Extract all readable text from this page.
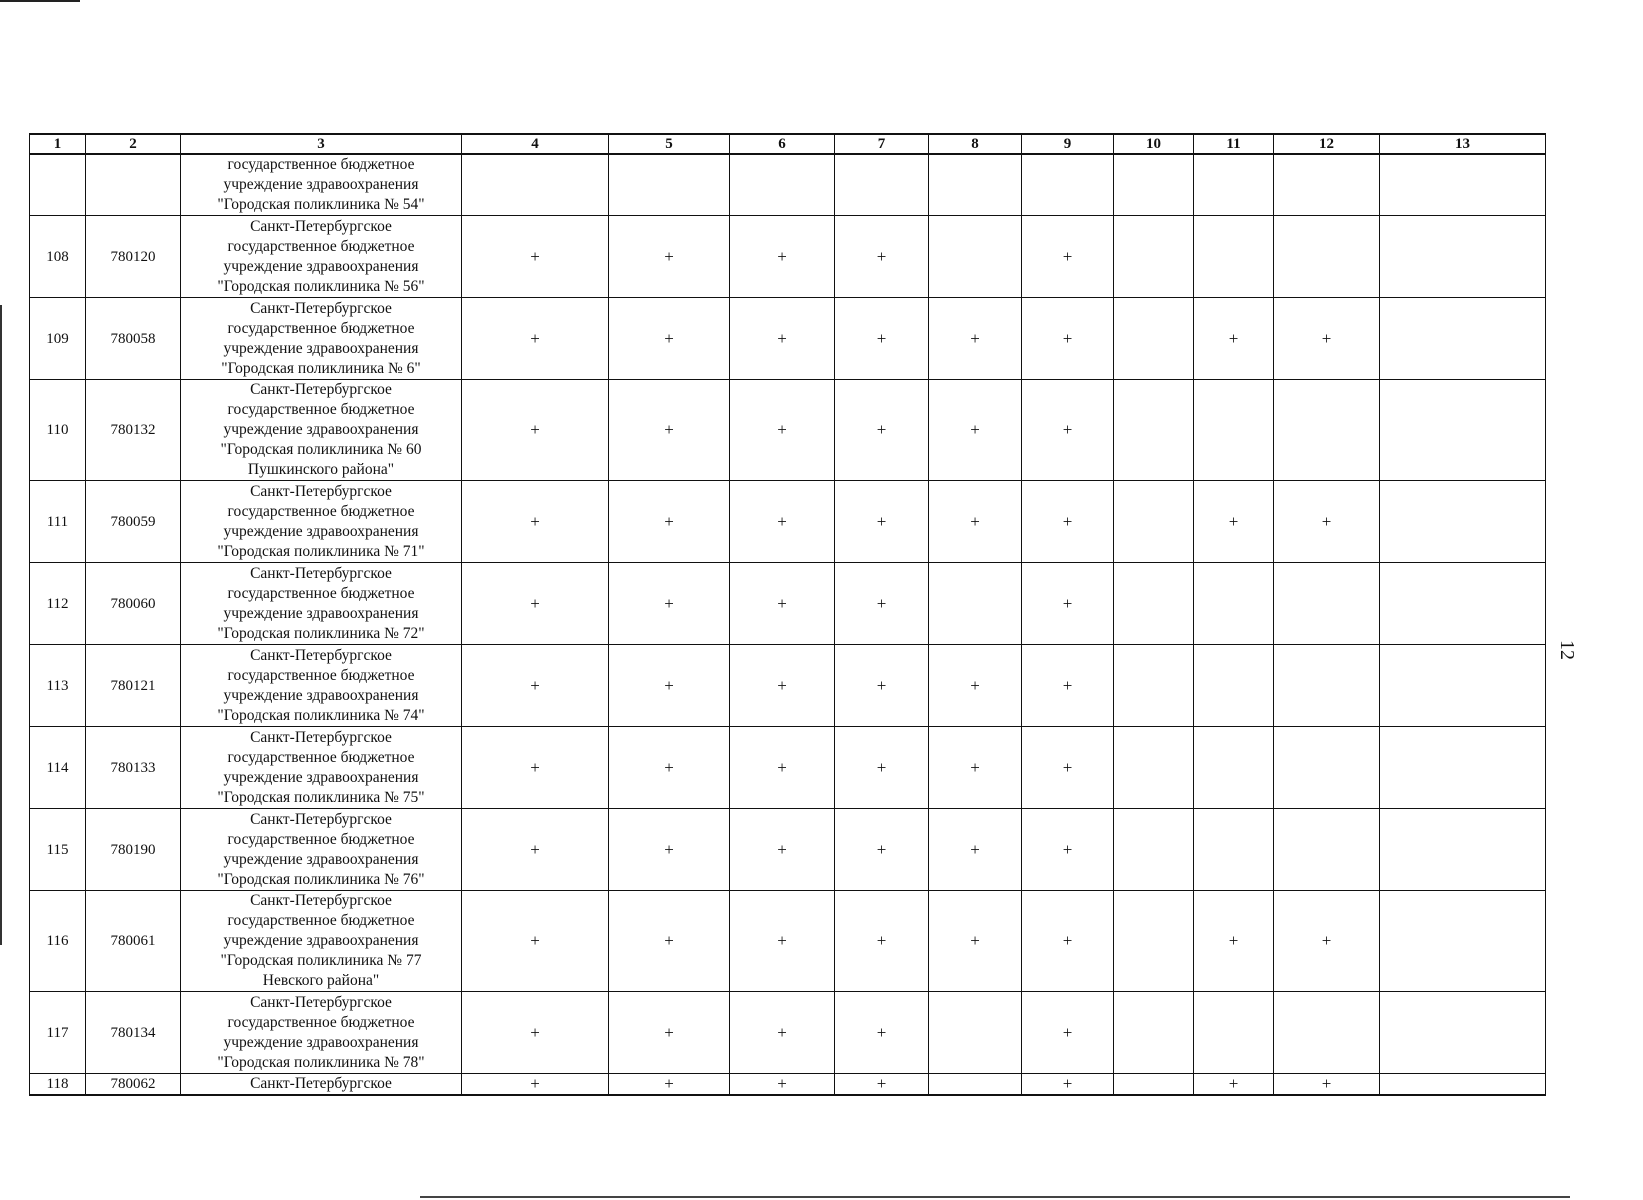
12
1	2	3	4	5	6	7	8	9	10	11	12	13

		государственное бюджетное
учреждение здравоохранения
"Городская поликлиника № 54"										

108	780120	Санкт-Петербургское
государственное бюджетное
учреждение здравоохранения
"Городская поликлиника № 56"	+	+	+	+		+				
109	780058	Санкт-Петербургское
государственное бюджетное
учреждение здравоохранения
"Городская поликлиника № 6"	+	+	+	+	+	+		+	+	
110	780132	Санкт-Петербургское
государственное бюджетное
учреждение здравоохранения
"Городская поликлиника № 60
Пушкинского района"	+	+	+	+	+	+				
111	780059	Санкт-Петербургское
государственное бюджетное
учреждение здравоохранения
"Городская поликлиника № 71"	+	+	+	+	+	+		+	+	
112	780060	Санкт-Петербургское
государственное бюджетное
учреждение здравоохранения
"Городская поликлиника № 72"	+	+	+	+		+				
113	780121	Санкт-Петербургское
государственное бюджетное
учреждение здравоохранения
"Городская поликлиника № 74"	+	+	+	+	+	+				
114	780133	Санкт-Петербургское
государственное бюджетное
учреждение здравоохранения
"Городская поликлиника № 75"	+	+	+	+	+	+				
115	780190	Санкт-Петербургское
государственное бюджетное
учреждение здравоохранения
"Городская поликлиника № 76"	+	+	+	+	+	+				
116	780061	Санкт-Петербургское
государственное бюджетное
учреждение здравоохранения
"Городская поликлиника № 77
Невского района"	+	+	+	+	+	+		+	+	
117	780134	Санкт-Петербургское
государственное бюджетное
учреждение здравоохранения
"Городская поликлиника № 78"	+	+	+	+		+				
118	780062	Санкт-Петербургское	+	+	+	+		+		+	+	
